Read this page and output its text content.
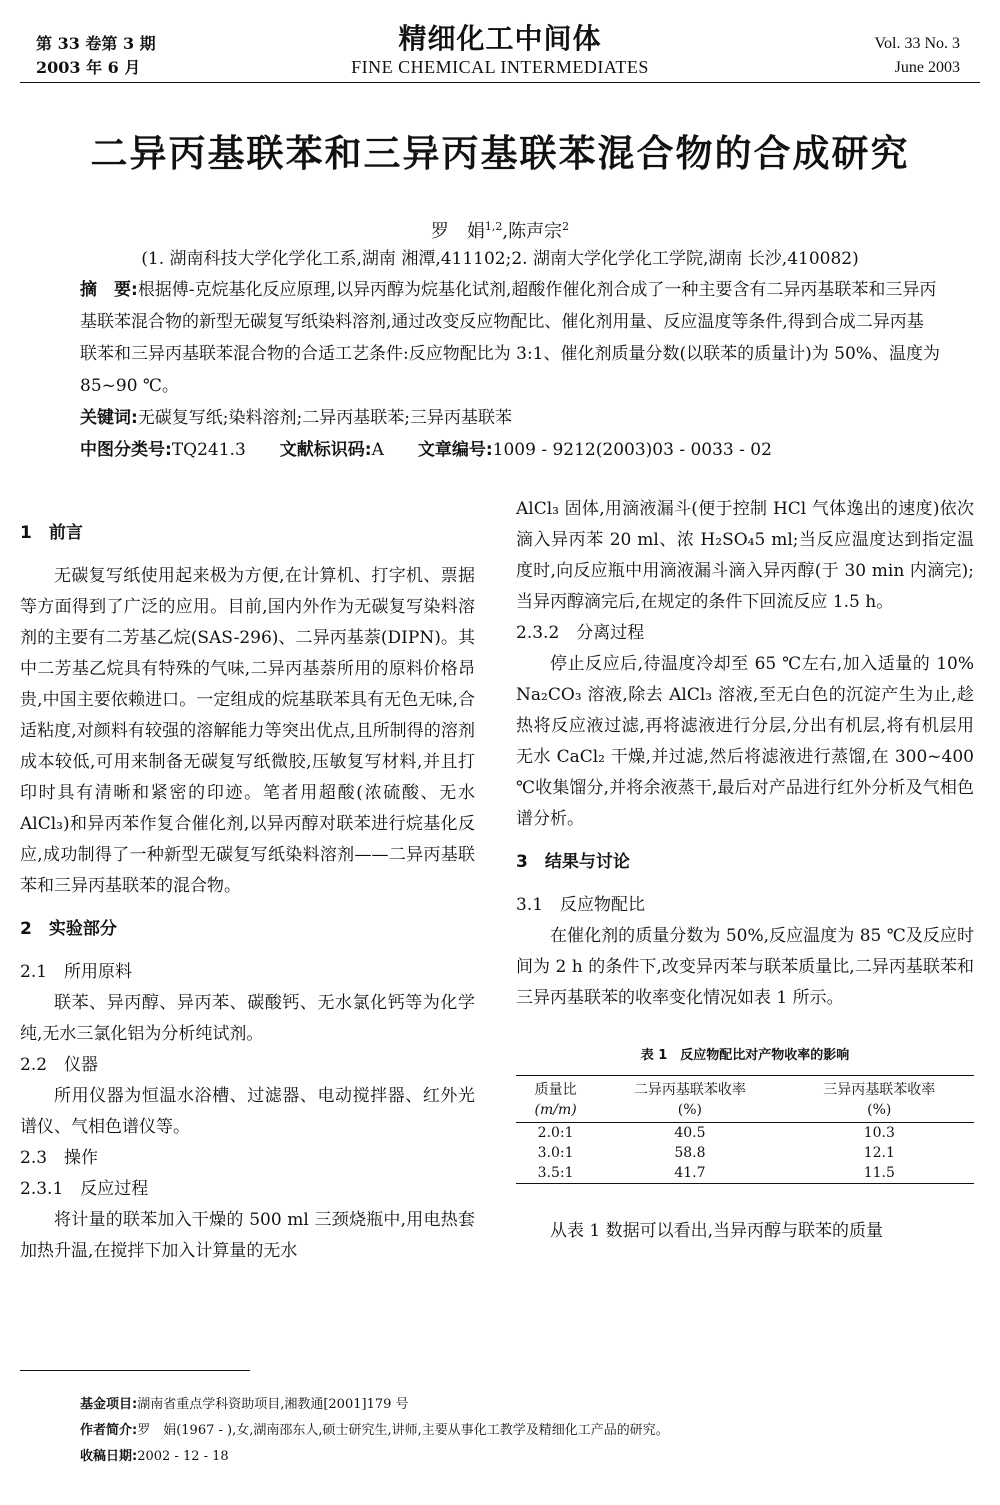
第 33 卷第 3 期
2003 年 6 月
精细化工中间体
FINE CHEMICAL INTERMEDIATES
Vol. 33 No. 3
June 2003
二异丙基联苯和三异丙基联苯混合物的合成研究
罗　娟$^{1,2}$,陈声宗$^2$
(1. 湖南科技大学化学化工系,湖南 湘潭,411102;2. 湖南大学化学化工学院,湖南 长沙,410082)

摘　要:根据傅-克烷基化反应原理,以异丙醇为烷基化试剂,超酸作催化剂合成了一种主要含有二异丙基联苯和三异丙基联苯混合物的新型无碳复写纸染料溶剂,通过改变反应物配比、催化剂用量、反应温度等条件,得到合成二异丙基联苯和三异丙基联苯混合物的合适工艺条件:反应物配比为 3:1、催化剂质量分数(以联苯的质量计)为 50%、温度为 85~90 ℃。

关键词:无碳复写纸;染料溶剂;二异丙基联苯;三异丙基联苯

中图分类号:TQ241.3　　 文献标识码:A　　 文章编号:1009 - 9212(2003)03 - 0033 - 02

1　前言

无碳复写纸使用起来极为方便,在计算机、打字机、票据等方面得到了广泛的应用。目前,国内外作为无碳复写染料溶剂的主要有二芳基乙烷(SAS-296)、二异丙基萘(DIPN)。其中二芳基乙烷具有特殊的气味,二异丙基萘所用的原料价格昂贵,中国主要依赖进口。一定组成的烷基联苯具有无色无味,合适粘度,对颜料有较强的溶解能力等突出优点,且所制得的溶剂成本较低,可用来制备无碳复写纸微胶,压敏复写材料,并且打印时具有清晰和紧密的印迹。笔者用超酸(浓硫酸、无水 AlCl₃)和异丙苯作复合催化剂,以异丙醇对联苯进行烷基化反应,成功制得了一种新型无碳复写纸染料溶剂——二异丙基联苯和三异丙基联苯的混合物。

2　实验部分

2.1　所用原料

联苯、异丙醇、异丙苯、碳酸钙、无水氯化钙等为化学纯,无水三氯化铝为分析纯试剂。

2.2　仪器

所用仪器为恒温水浴槽、过滤器、电动搅拌器、红外光谱仪、气相色谱仪等。

2.3　操作

2.3.1　反应过程

将计量的联苯加入干燥的 500 ml 三颈烧瓶中,用电热套加热升温,在搅拌下加入计算量的无水

AlCl₃ 固体,用滴液漏斗(便于控制 HCl 气体逸出的速度)依次滴入异丙苯 20 ml、浓 H₂SO₄5 ml;当反应温度达到指定温度时,向反应瓶中用滴液漏斗滴入异丙醇(于 30 min 内滴完);当异丙醇滴完后,在规定的条件下回流反应 1.5 h。

2.3.2　分离过程

停止反应后,待温度冷却至 65 ℃左右,加入适量的 10% Na₂CO₃ 溶液,除去 AlCl₃ 溶液,至无白色的沉淀产生为止,趁热将反应液过滤,再将滤液进行分层,分出有机层,将有机层用无水 CaCl₂ 干燥,并过滤,然后将滤液进行蒸馏,在 300~400 ℃收集馏分,并将余液蒸干,最后对产品进行红外分析及气相色谱分析。

3　结果与讨论

3.1　反应物配比

在催化剂的质量分数为 50%,反应温度为 85 ℃及反应时间为 2 h 的条件下,改变异丙苯与联苯质量比,二异丙基联苯和三异丙基联苯的收率变化情况如表 1 所示。

表 1　反应物配比对产物收率的影响
质量比	二异丙基联苯收率	三异丙基联苯收率
(m/m)	(%)	(%)
2.0:1	40.5	10.3
3.0:1	58.8	12.1
3.5:1	41.7	11.5

从表 1 数据可以看出,当异丙醇与联苯的质量

基金项目:湖南省重点学科资助项目,湘教通[2001]179 号

作者简介:罗　娟(1967 - ),女,湖南邵东人,硕士研究生,讲师,主要从事化工教学及精细化工产品的研究。

收稿日期:2002 - 12 - 18
